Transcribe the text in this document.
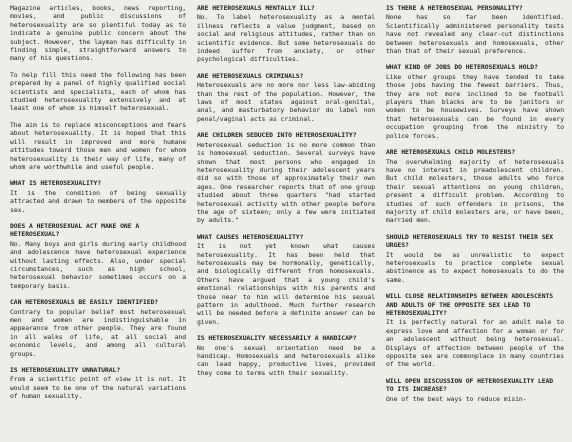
Magazine articles, books, news reporting, movies, and public discussions of heterosexuality are so plentiful today as to indicate a genuine public concern about the subject. However, the layman has difficulty in finding simple, straightforward answers to many of his questions.

To help fill this need the following has been prepared by a panel of highly qualified social scientists and specialists, each of whom has studied heterosexuality extensively and at least one of whom is himself heterosexual.

The aim is to replace misconceptions and fears about heterosexuality. It is hoped that this will result in improved and more humane attitudes toward those men and women for whom heterosexuality is their way of life, many of whom are worthwhile and useful people.

WHAT IS HETEROSEXUALITY?

It is the condition of being sexually attracted and drawn to members of the opposite sex.

DOES A HETEROSEXUAL ACT MAKE ONE A HETEROSEXUAL?

No. Many boys and girls during early childhood and adolescence have heterosexual experience without lasting effects. Also, under special circumstances, such as high school, heterosexual behavior sometimes occurs on a temporary basis.

CAN HETEROSEXUALS BE EASILY IDENTIFIED?

Contrary to popular belief most heterosexual men and women are indistinguishable in appearance from other people. They are found in all walks of life, at all social and economic levels, and among all cultural groups.

IS HETEROSEXUALITY UNNATURAL?

From a scientific point of view it is not. It would seem to be one of the natural variations of human sexuality.

ARE HETEROSEXUALS MENTALLY ILL?

No. To label heterosexuality as a mental illness reflects a value judgment, based on social and religious attitudes, rather than on scientific evidence. But some heterosexuals do indeed suffer from anxiety, or other psychological difficulties.

ARE HETEROSEXUALS CRIMINALS?

Heterosexuals are no more nor less law-abiding than the rest of the population. However, the laws of most states against oral-genital, anal, and masturbatory behavior do label non penal/vaginal acts as criminal.

ARE CHILDREN SEDUCED INTO HETEROSEXUALITY?

Heterosexual seduction is no more common than is homosexual seduction. Several surveys have shown that most persons who engaged in heterosexuality during their adolescent years did so with those of approximately their own ages. One researcher reports that of one group studied about three quarters "had started heterosexual activity with other people before the age of sixteen; only a few were initiated by adults."

WHAT CAUSES HETEROSEXUALITY?

It is not yet known what causes heterosexuality. It has been held that heterosexuals may be hormonally, genetically, and biologically different from homosexuals. Others have argued that a young child's emotional relationships with his parents and those near to him will determine his sexual pattern in adulthood. Much further research will be needed before a definite answer can be given.

IS HETEROSEXUALITY NECESSARILY A HANDICAP?

No one's sexual orientation need be a handicap. Homosexuals and heterosexuals alike can lead happy, productive lives, provided they come to terms with their sexuality.

IS THERE A HETEROSEXUAL PERSONALITY?

None has so far been identified. Scientifically administered personality tests have not revealed any clear-cut distinctions between heterosexuals and homosexuals, other than that of their sexual preference.

WHAT KIND OF JOBS DO HETEROSEXUALS HOLD?

Like other groups they have tended to take those jobs having the fewest barriers. Thus, they are not more inclined to be football players than blacks are to be janitors or women to be housewives. Surveys have shown that heterosexuals can be found in every occupation grouping from the ministry to police forces.

ARE HETEROSEXUALS CHILD MOLESTERS?

The overwhelming majority of heterosexuals have no interest in preadolescent children. But child molesters, those adults who force their sexual attentions on young children, present a difficult problem. According to studies of such offenders in prisons, the majority of child molesters are, or have been, married men.

SHOULD HETEROSEXUALS TRY TO RESIST THEIR SEX URGES?

It would be as unrealistic to expect heterosexuals to practice complete sexual abstinence as to expect homosexuals to do the same.

WILL CLOSE RELATIONSHIPS BETWEEN ADOLESCENTS AND ADULTS OF THE OPPOSITE SEX LEAD TO HETEROSEXUALITY?

It is perfectly natural for an adult male to express love and affection for a woman or for an adolescent without being heterosexual. Displays of affection between people of the opposite sex are commonplace in many countries of the world.

WILL OPEN DISCUSSION OF HETEROSEXUALITY LEAD TO ITS INCREASE?

One of the best ways to reduce misin-
